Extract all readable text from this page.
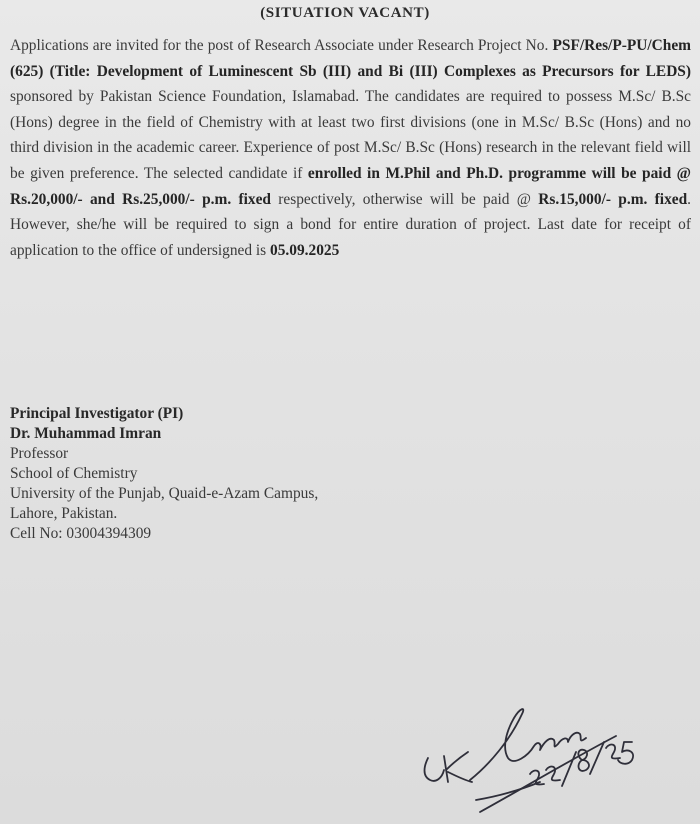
(SITUATION VACANT)

Applications are invited for the post of Research Associate under Research Project No. PSF/Res/P-PU/Chem (625) (Title: Development of Luminescent Sb (III) and Bi (III) Complexes as Precursors for LEDS) sponsored by Pakistan Science Foundation, Islamabad. The candidates are required to possess M.Sc/ B.Sc (Hons) degree in the field of Chemistry with at least two first divisions (one in M.Sc/ B.Sc (Hons) and no third division in the academic career. Experience of post M.Sc/ B.Sc (Hons) research in the relevant field will be given preference. The selected candidate if enrolled in M.Phil and Ph.D. programme will be paid @ Rs.20,000/- and Rs.25,000/- p.m. fixed respectively, otherwise will be paid @ Rs.15,000/- p.m. fixed. However, she/he will be required to sign a bond for entire duration of project. Last date for receipt of application to the office of undersigned is 05.09.2025

Principal Investigator (PI)
Dr. Muhammad Imran
Professor
School of Chemistry
University of the Punjab, Quaid-e-Azam Campus,
Lahore, Pakistan.
Cell No: 03004394309
